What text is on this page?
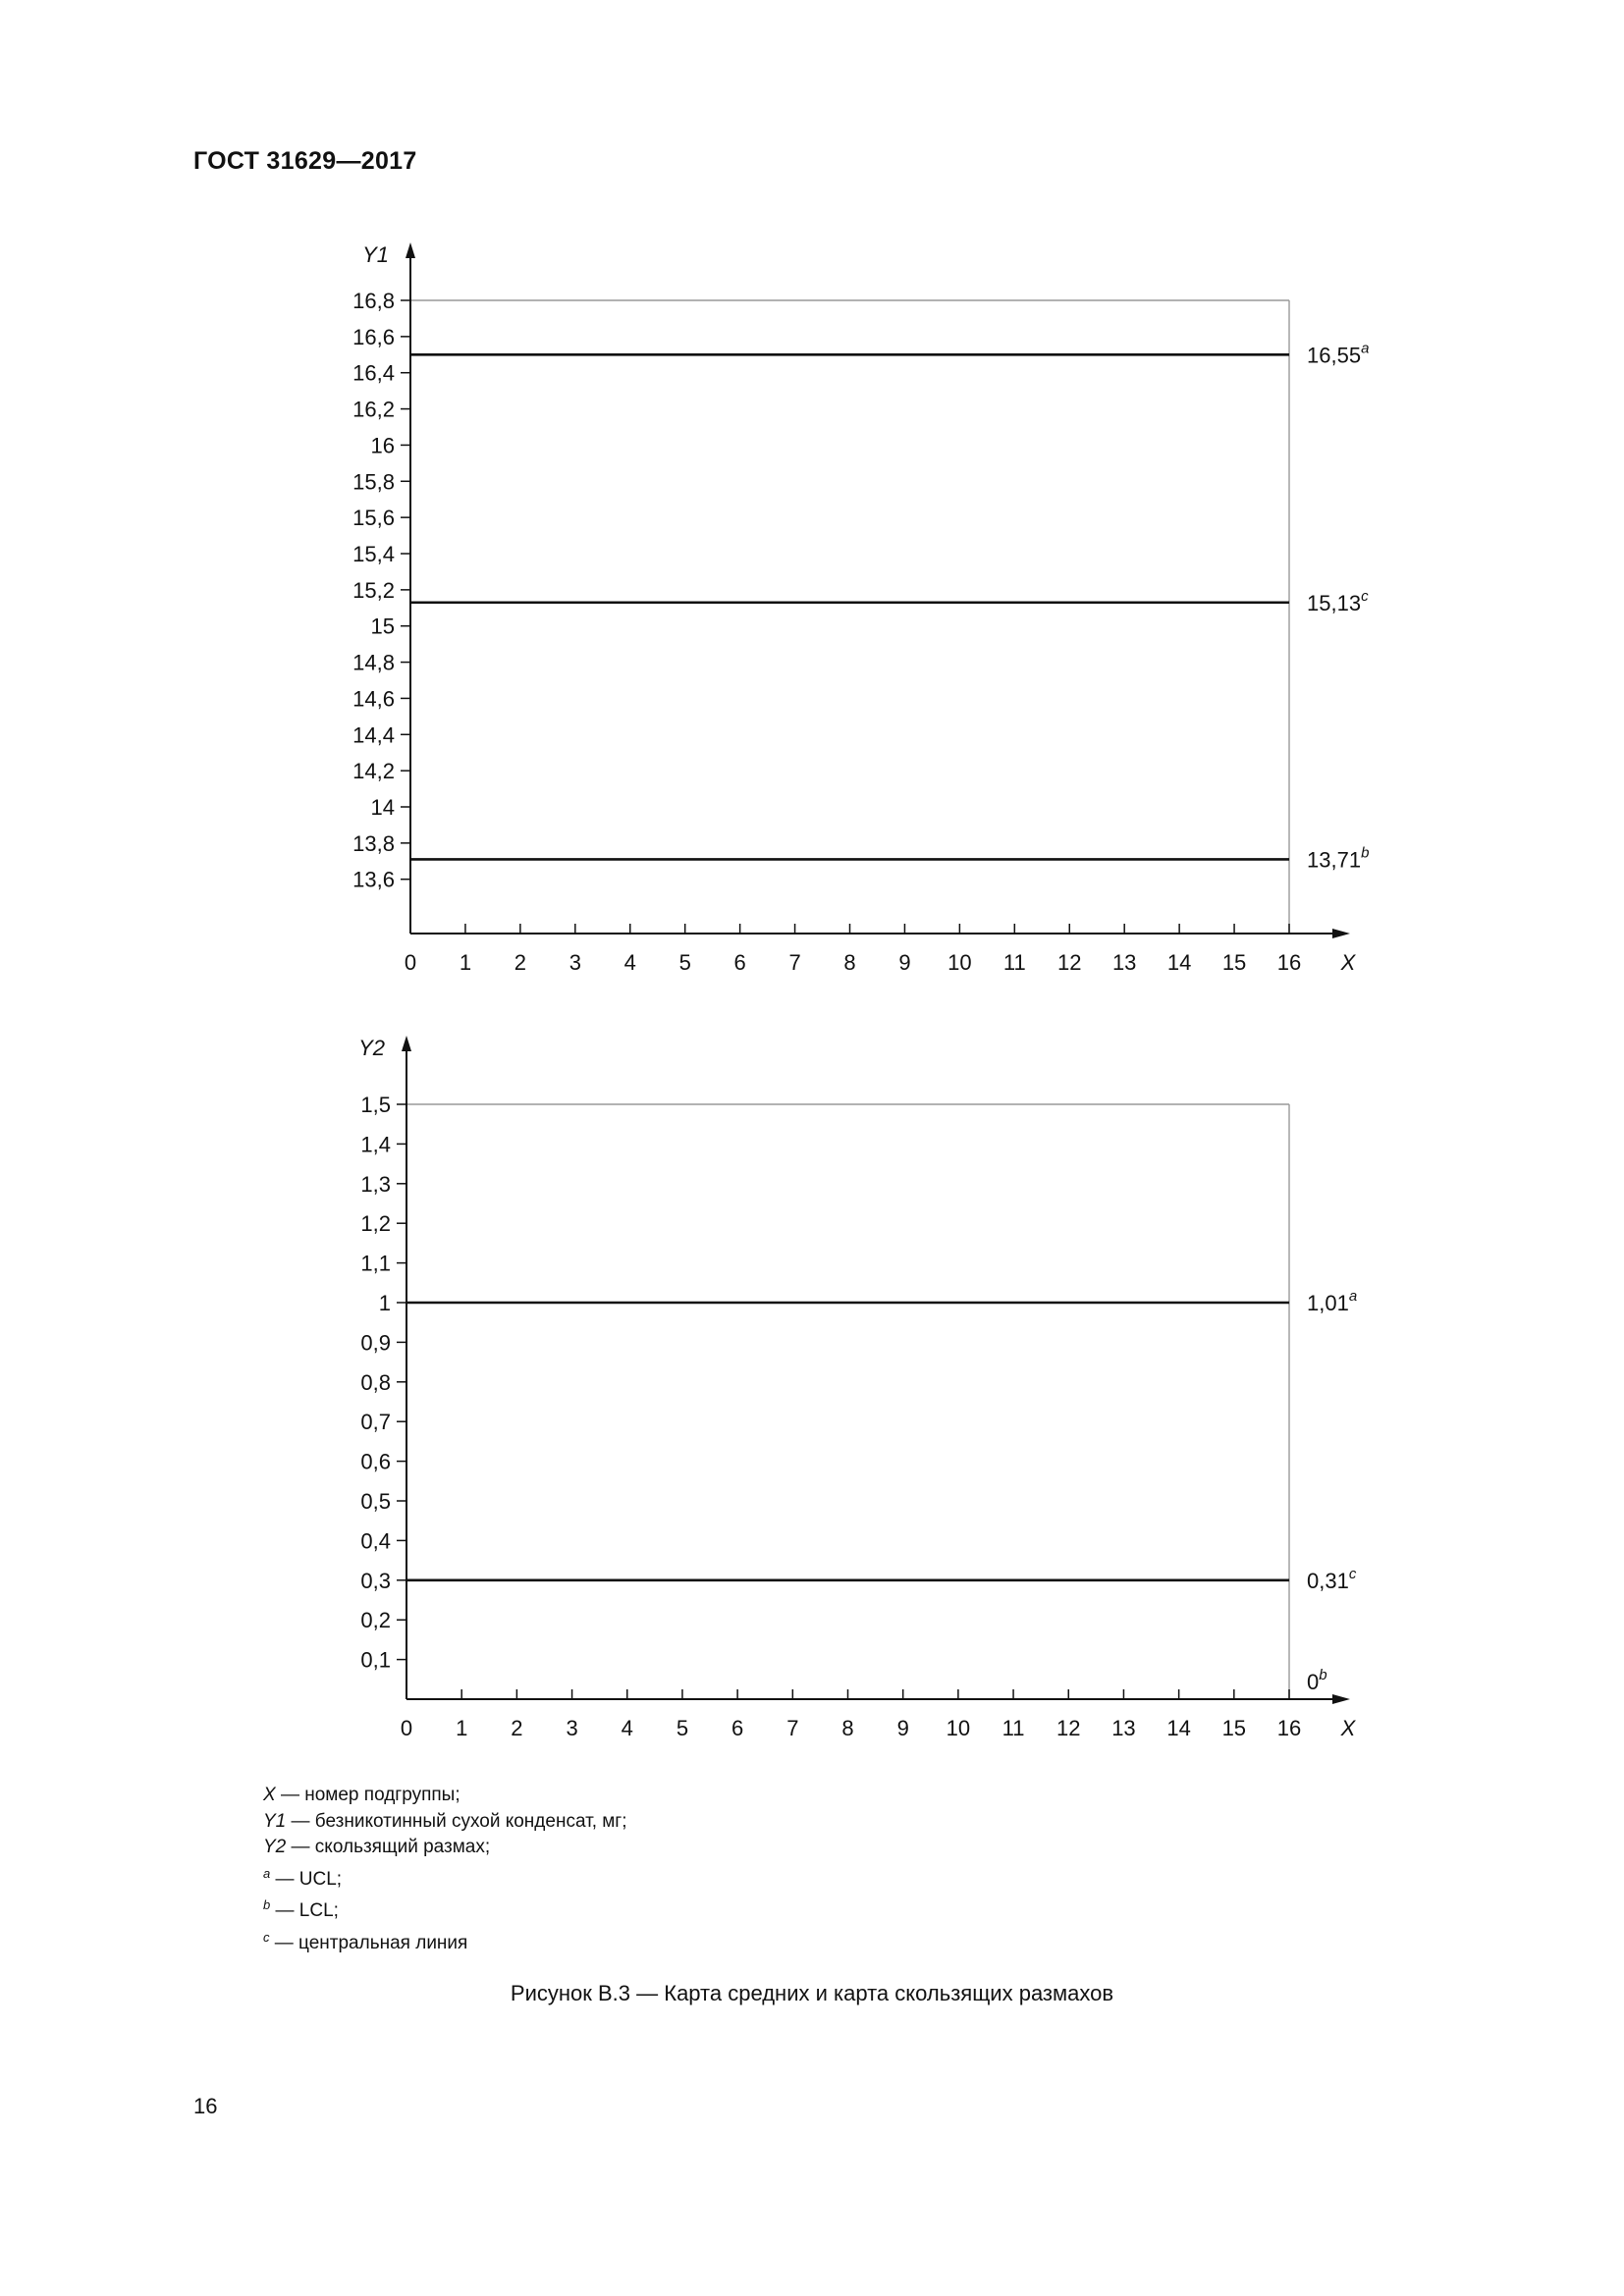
ГОСТ 31629—2017
Y1
X
13,6
13,8
14
14,2
14,4
14,6
14,8
15
15,2
15,4
15,6
15,8
16
16,2
16,4
16,6
16,8
0 1 2 3 4 5 6 7 8 9 10 11 12 13 14 15 16
16,55$^a$
15,13$^c$
13,71$^b$
Y2
X
0,1
0,2
0,3
0,4
0,5
0,6
0,7
0,8
0,9
1
1,1
1,2
1,3
1,4
1,5
0 1 2 3 4 5 6 7 8 9 10 11 12 13 14 15 16
1,01$^a$
0,31$^c$
0$^b$
X — номер подгруппы;
Y1 — безникотинный сухой конденсат, мг;
Y2 — скользящий размах;
$^a$ — UCL;
$^b$ — LCL;
$^c$ — центральная линия
Рисунок В.3 — Карта средних и карта скользящих размахов
16
